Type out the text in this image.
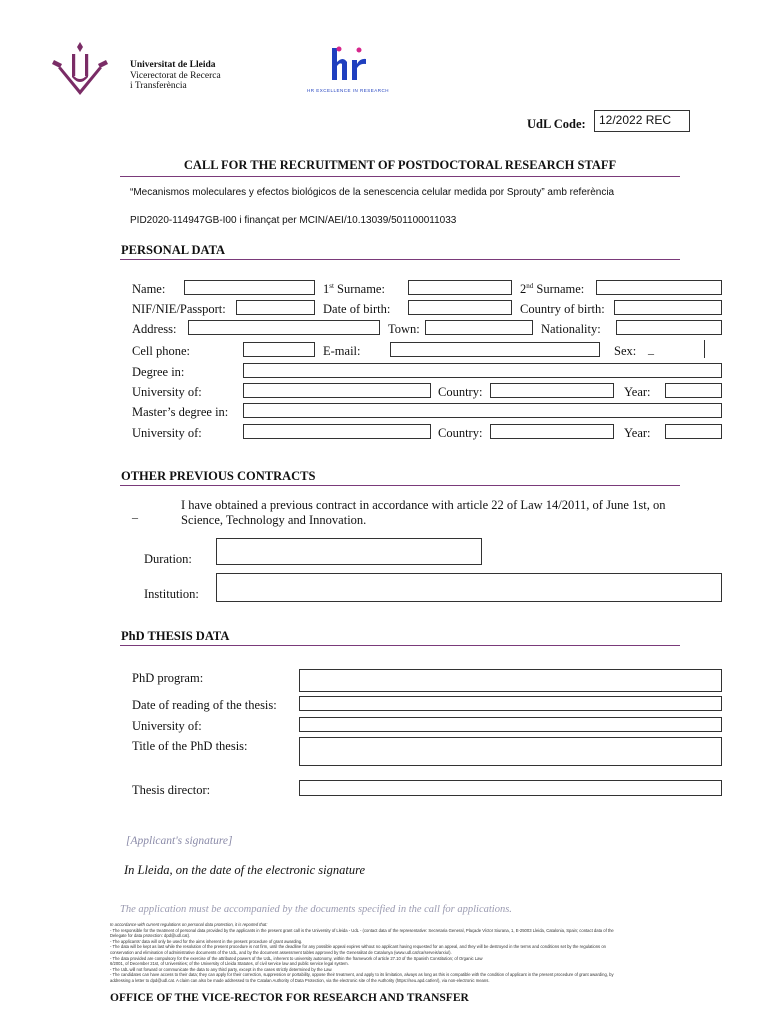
Universitat de Lleida
Vicerectorat de Recerca
i Transferència	HR EXCELLENCE IN RESEARCH
UdL Code:	12/2022 REC
CALL FOR THE RECRUITMENT OF POSTDOCTORAL RESEARCH STAFF
“Mecanismos moleculares y efectos biológicos de la senescencia celular medida por Sprouty” amb referència
PID2020-114947GB-I00 i finançat per MCIN/AEI/10.13039/501100011033
PERSONAL DATA
Name:	1st Surname:	2nd Surname:
NIF/NIE/Passport:	Date of birth:	Country of birth:
Address:	Town:	Nationality:
Cell phone:	E-mail:	Sex: _
Degree in:
University of:	Country:	Year:
Master’s degree in:
University of:	Country:	Year:
OTHER PREVIOUS CONTRACTS
_
I have obtained a previous contract in accordance with article 22 of Law 14/2011, of June 1st, on
Science, Technology and Innovation.
Duration:
Institution:
PhD THESIS DATA
PhD program:
Date of reading of the thesis:
University of:
Title of the PhD thesis:
Thesis director:
[Applicant's signature]
In Lleida, on the date of the electronic signature
The application must be accompanied by the documents specified in the call for applications.
In accordance with current regulations on personal data protection, it is reported that:
- The responsible for the treatment of personal data provided by the applicants in the present grant call is the University of Lleida - UdL - (contact data of the representative: Secretaria General, Plaçade Víctor Siurana, 1, E-25003 Lleida, Catalonia, Spain; contact data of the
Delegate for data protection: dpd@udl.cat).
- The applicants' data will only be used for the aims inherent in the present procedure of grant awarding.
- The data will be kept as last while the resolution of the present procedure is not firm, until the deadline for any possible appeal expires without no applicant having requested for an appeal, and they will be destroyed in the terms and conditions set by the regulations on
conservation and elimination of administrative documents of the UdL, and by the document assessment tables approved by the Generalitat de Catalunya (www.udl.cat/ca/serveis/arxiu/).
- The data provided are compulsory for the exercise of the attributed powers of the UdL, inherent to university autonomy, within the framework of article 27.10 of the Spanish Constitution; of Organic Law
6/2001, of December 21st, of Universities; of the University of Lleida Statutes, of civil service law and public service legal system.
- The UdL will not forward or communicate the data to any third party, except in the cases strictly determined by the Law.
- The candidates can have access to their data; they can apply for their correction, suppression or portability, oppose their treatment, and apply to its limitation, always as long as this is compatible with the condition of applicant in the present procedure of grant awarding, by
addressing a letter to dpd@udl.cat. A claim can also be made addressed to the Catalan Authority of Data Protection, via the electronic site of the Authority (https://seu.apd.cat/en/), via non-electronic means.
OFFICE OF THE VICE-RECTOR FOR RESEARCH AND TRANSFER
